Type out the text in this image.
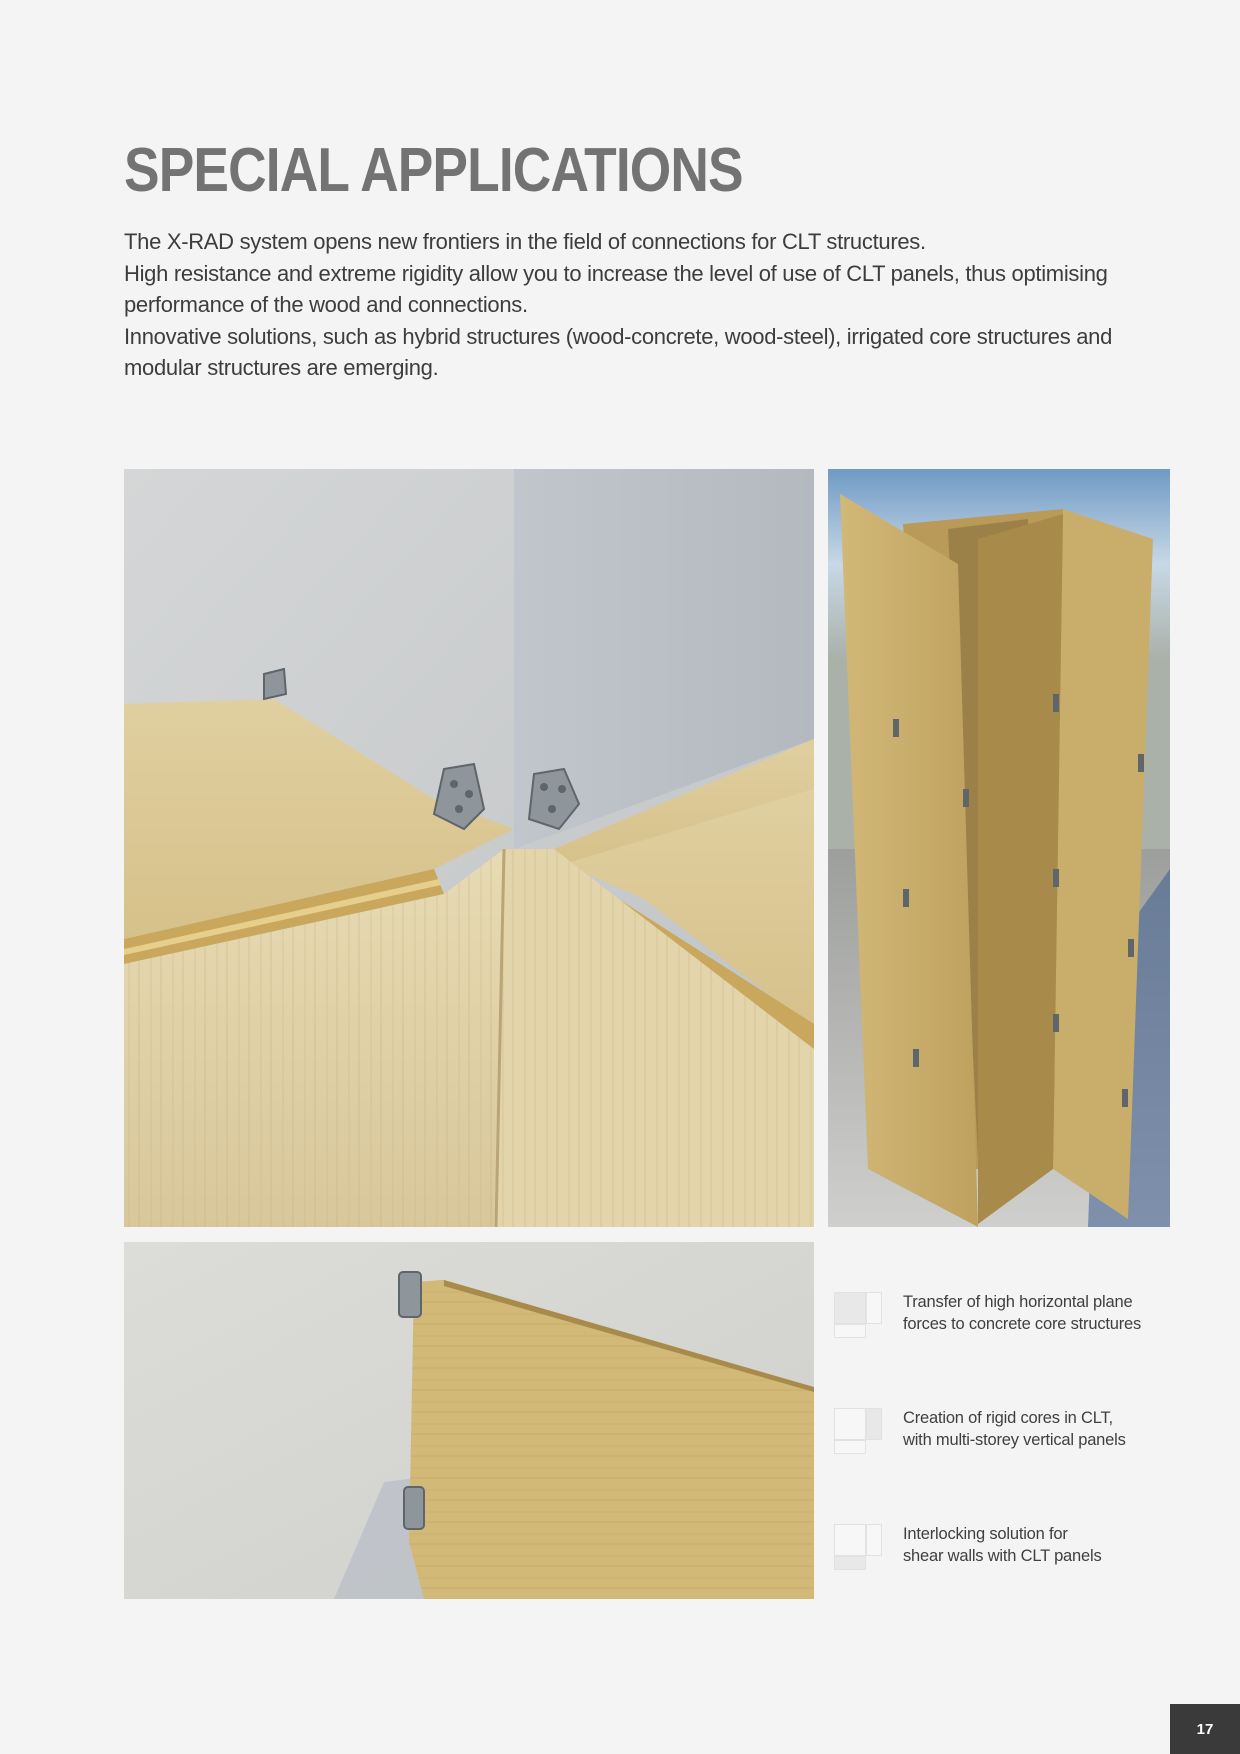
SPECIAL APPLICATIONS

The X-RAD system opens new frontiers in the field of connections for CLT structures.

High resistance and extreme rigidity allow you to increase the level of use of CLT panels, thus optimising performance of the wood and connections.

Innovative solutions, such as hybrid structures (wood-concrete, wood-steel), irrigated core structures and modular structures are emerging.

Transfer of high horizontal plane
forces to concrete core structures
Creation of rigid cores in CLT,
with multi-storey vertical panels
Interlocking solution for
shear walls with CLT panels
17
